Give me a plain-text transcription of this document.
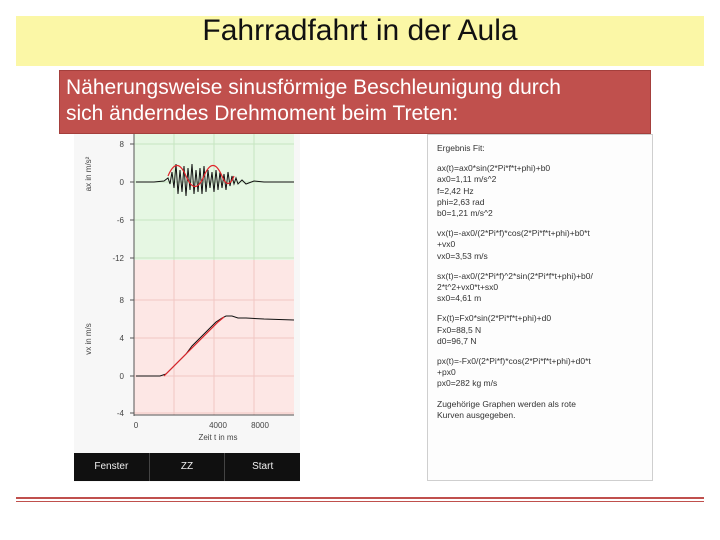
Fahrradfahrt in der Aula
8
0
-6
-12
ax in m/s²
8
4
0
-4
vx in m/s
0	4000	8000
Zeit t in ms
Fenster	ZZ	Start
Ergebnis Fit:
ax(t)=ax0*sin(2*Pi*f*t+phi)+b0
ax0=1,11 m/s^2
f=2,42 Hz
phi=2,63 rad
b0=1,21 m/s^2
vx(t)=-ax0/(2*Pi*f)*cos(2*Pi*f*t+phi)+b0*t
+vx0
vx0=3,53 m/s
sx(t)=-ax0/(2*Pi*f)^2*sin(2*Pi*f*t+phi)+b0/
2*t^2+vx0*t+sx0
sx0=4,61 m
Fx(t)=Fx0*sin(2*Pi*f*t+phi)+d0
Fx0=88,5 N
d0=96,7 N
px(t)=-Fx0/(2*Pi*f)*cos(2*Pi*f*t+phi)+d0*t
+px0
px0=282 kg m/s
Zugehörige Graphen werden als rote
Kurven ausgegeben.
Näherungsweise sinusförmige Beschleunigung durch
sich änderndes Drehmoment beim Treten:
